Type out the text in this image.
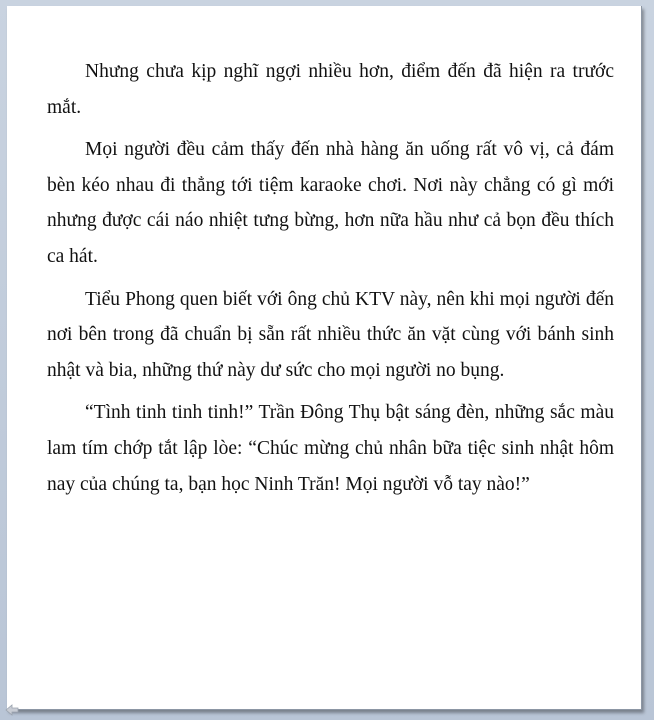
Nhưng chưa kịp nghĩ ngợi nhiều hơn, điểm đến đã hiện ra trước mắt.

Mọi người đều cảm thấy đến nhà hàng ăn uống rất vô vị, cả đám bèn kéo nhau đi thẳng tới tiệm karaoke chơi. Nơi này chẳng có gì mới nhưng được cái náo nhiệt tưng bừng, hơn nữa hầu như cả bọn đều thích ca hát.

Tiểu Phong quen biết với ông chủ KTV này, nên khi mọi người đến nơi bên trong đã chuẩn bị sẵn rất nhiều thức ăn vặt cùng với bánh sinh nhật và bia, những thứ này dư sức cho mọi người no bụng.

“Tình tinh tinh tinh!” Trần Đông Thụ bật sáng đèn, những sắc màu lam tím chớp tắt lập lòe: “Chúc mừng chủ nhân bữa tiệc sinh nhật hôm nay của chúng ta, bạn học Ninh Trăn! Mọi người vỗ tay nào!”
